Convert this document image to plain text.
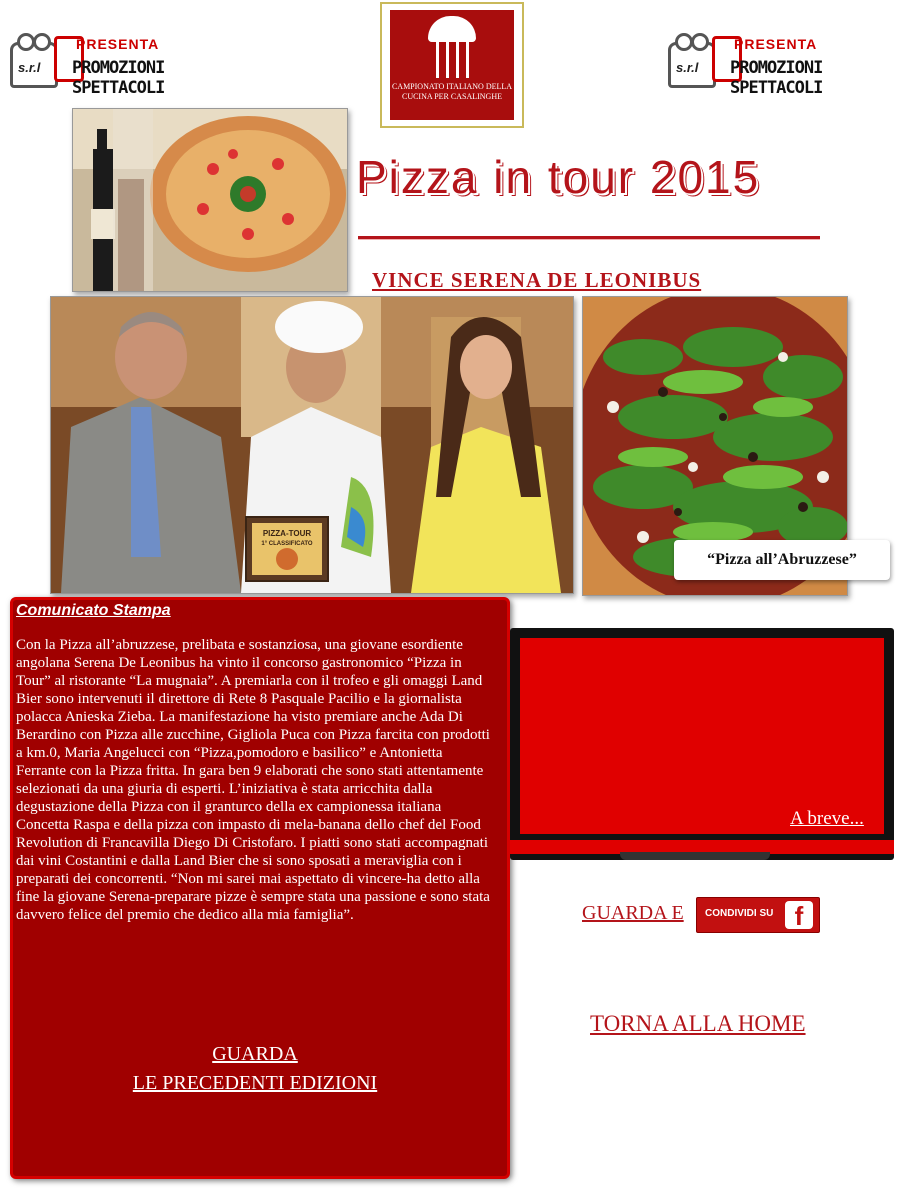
s.r.l
PRESENTA
PROMOZIONI SPETTACOLI	CAMPIONATO ITALIANO DELLA CUCINA PER CASALINGHE
s.r.l
PRESENTA
PROMOZIONI SPETTACOLI
Pizza in tour 2015
VINCE SERENA DE LEONIBUS
PIZZA-TOUR
1° CLASSIFICATO
“Pizza all’Abruzzese”
Comunicato Stampa
Con la Pizza all’abruzzese, prelibata e sostanziosa, una giovane esordiente angolana Serena De Leonibus ha vinto il concorso gastronomico “Pizza in Tour” al ristorante “La mugnaia”. A premiarla con il trofeo e gli omaggi Land Bier sono intervenuti il direttore di Rete 8 Pasquale Pacilio e la giornalista polacca Anieska Zieba. La manifestazione ha visto premiare anche Ada Di Berardino con Pizza alle zucchine, Gigliola Puca con Pizza farcita con prodotti a km.0, Maria Angelucci con “Pizza,pomodoro e basilico” e Antonietta Ferrante con la Pizza fritta. In gara ben 9 elaborati che sono stati attentamente selezionati da una giuria di esperti. L’iniziativa è stata arricchita dalla degustazione della Pizza con il granturco della ex campionessa italiana Concetta Raspa e della pizza con impasto di mela-banana dello chef del Food Revolution di Francavilla Diego Di Cristofaro. I piatti sono stati accompagnati dai vini Costantini e dalla Land Bier che si sono sposati a meraviglia con i preparati dei concorrenti. “Non mi sarei mai aspettato di vincere-ha detto alla fine la giovane Serena-preparare pizze è sempre stata una passione e sono stata davvero felice del premio che dedico alla mia famiglia”.
GUARDA
LE PRECEDENTI EDIZIONI
A breve...
GUARDA E CONDIVIDI SU f
TORNA ALLA HOME
